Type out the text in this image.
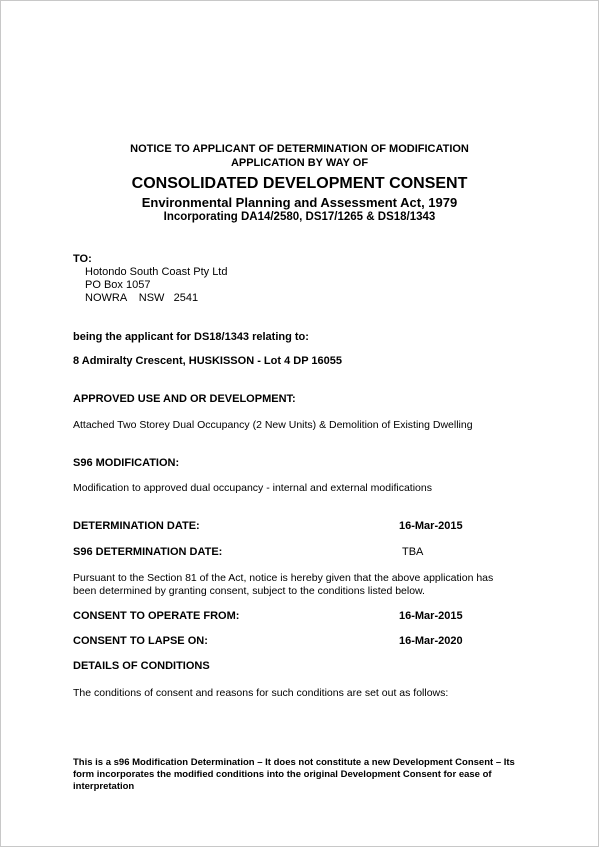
NOTICE TO APPLICANT OF DETERMINATION OF MODIFICATION
APPLICATION BY WAY OF
CONSOLIDATED DEVELOPMENT CONSENT
Environmental Planning and Assessment Act, 1979
Incorporating DA14/2580, DS17/1265 & DS18/1343
TO:
Hotondo South Coast Pty Ltd
PO Box 1057
NOWRA    NSW   2541
being the applicant for DS18/1343 relating to:
8 Admiralty Crescent, HUSKISSON - Lot 4 DP 16055
APPROVED USE AND OR DEVELOPMENT:
Attached Two Storey Dual Occupancy (2 New Units) & Demolition of Existing Dwelling
S96 MODIFICATION:
Modification to approved dual occupancy - internal and external modifications
DETERMINATION DATE:	16-Mar-2015
S96 DETERMINATION DATE:	TBA
Pursuant to the Section 81 of the Act, notice is hereby given that the above application has
been determined by granting consent, subject to the conditions listed below.
CONSENT TO OPERATE FROM:	16-Mar-2015
CONSENT TO LAPSE ON:	16-Mar-2020
DETAILS OF CONDITIONS
The conditions of consent and reasons for such conditions are set out as follows:
This is a s96 Modification Determination – It does not constitute a new Development Consent – Its form incorporates the modified conditions into the original Development Consent for ease of interpretation
